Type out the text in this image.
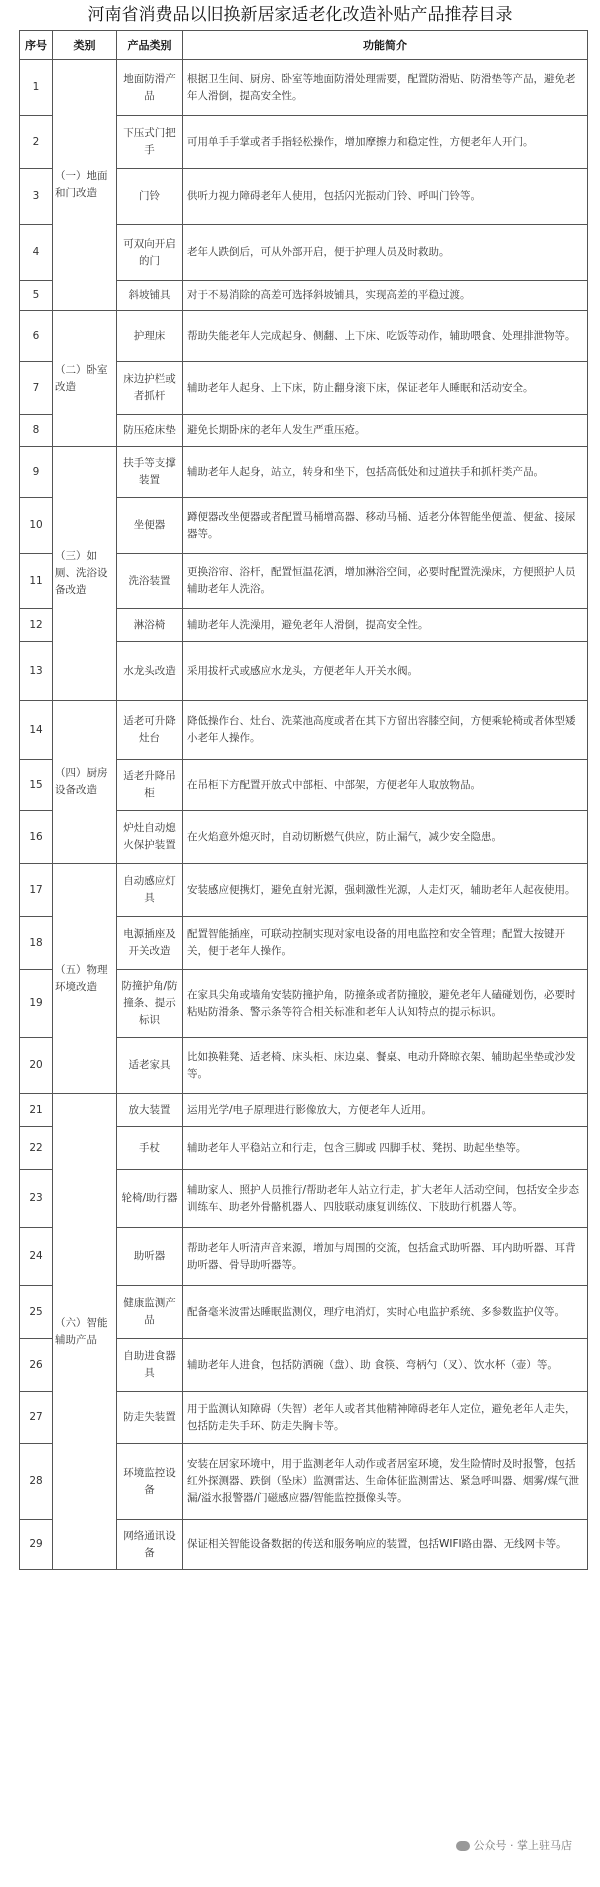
河南省消费品以旧换新居家适老化改造补贴产品推荐目录
序号	类别	产品类别	功能简介
1	（一）地面和门改造	地面防滑产品	根据卫生间、厨房、卧室等地面防滑处理需要，配置防滑贴、防滑垫等产品，避免老年人滑倒，提高安全性。
2		下压式门把手	可用单手手掌或者手指轻松操作，增加摩擦力和稳定性，方便老年人开门。
3		门铃	供听力视力障碍老年人使用，包括闪光振动门铃、呼叫门铃等。
4		可双向开启的门	老年人跌倒后，可从外部开启，便于护理人员及时救助。
5		斜坡铺具	对于不易消除的高差可选择斜坡铺具，实现高差的平稳过渡。
6	（二）卧室改造	护理床	帮助失能老年人完成起身、侧翻、上下床、吃饭等动作，辅助喂食、处理排泄物等。
7		床边护栏或者抓杆	辅助老年人起身、上下床，防止翻身滚下床，保证老年人睡眠和活动安全。
8		防压疮床垫	避免长期卧床的老年人发生严重压疮。
9	（三）如厕、洗浴设备改造	扶手等支撑装置	辅助老年人起身，站立，转身和坐下，包括高低处和过道扶手和抓杆类产品。
10		坐便器	蹲便器改坐便器或者配置马桶增高器、移动马桶、适老分体智能坐便盖、便盆、接尿器等。
11		洗浴装置	更换浴帘、浴杆，配置恒温花洒，增加淋浴空间，必要时配置洗澡床，方便照护人员辅助老年人洗浴。
12		淋浴椅	辅助老年人洗澡用，避免老年人滑倒，提高安全性。
13		水龙头改造	采用拔杆式或感应水龙头，方便老年人开关水阀。
14	（四）厨房设备改造	适老可升降灶台	降低操作台、灶台、洗菜池高度或者在其下方留出容膝空间，方便乘轮椅或者体型矮小老年人操作。
15		适老升降吊柜	在吊柜下方配置开放式中部柜、中部架，方便老年人取放物品。
16		炉灶自动熄火保护装置	在火焰意外熄灭时，自动切断燃气供应，防止漏气，减少安全隐患。
17	（五）物理环境改造	自动感应灯具	安装感应便携灯，避免直射光源，强刺激性光源，人走灯灭，辅助老年人起夜使用。
18		电源插座及开关改造	配置智能插座，可联动控制实现对家电设备的用电监控和安全管理；配置大按键开关，便于老年人操作。
19		防撞护角/防撞条、提示标识	在家具尖角或墙角安装防撞护角，防撞条或者防撞胶，避免老年人磕碰划伤，必要时粘贴防滑条、警示条等符合相关标准和老年人认知特点的提示标识。
20		适老家具	比如换鞋凳、适老椅、床头柜、床边桌、餐桌、电动升降晾衣架、辅助起坐垫或沙发等。
21	（六）智能辅助产品	放大装置	运用光学/电子原理进行影像放大，方便老年人近用。
22		手杖	辅助老年人平稳站立和行走，包含三脚或 四脚手杖、凳拐、助起坐垫等。
23		轮椅/助行器	辅助家人、照护人员推行/帮助老年人站立行走，扩大老年人活动空间，包括安全步态训练车、助老外骨骼机器人、四肢联动康复训练仪、下肢助行机器人等。
24		助听器	帮助老年人听清声音来源，增加与周围的交流，包括盒式助听器、耳内助听器、耳背助听器、骨导助听器等。
25		健康监测产品	配备毫米波雷达睡眠监测仪，理疗电消灯，实时心电监护系统、多参数监护仪等。
26		自助进食器具	辅助老年人进食，包括防洒碗（盘）、助 食筷、弯柄勺（叉）、饮水杯（壶）等。
27		防走失装置	用于监测认知障碍（失智）老年人或者其他精神障碍老年人定位，避免老年人走失，包括防走失手环、防走失胸卡等。
28		环境监控设备	安装在居家环境中，用于监测老年人动作或者居室环境，发生险情时及时报警，包括红外探测器、跌倒（坠床）监测雷达、生命体征监测雷达、紧急呼叫器、烟雾/煤气泄漏/溢水报警器/门磁感应器/智能监控摄像头等。
29		网络通讯设备	保证相关智能设备数据的传送和服务响应的装置，包括WIFI路由器、无线网卡等。
公众号 · 掌上驻马店
